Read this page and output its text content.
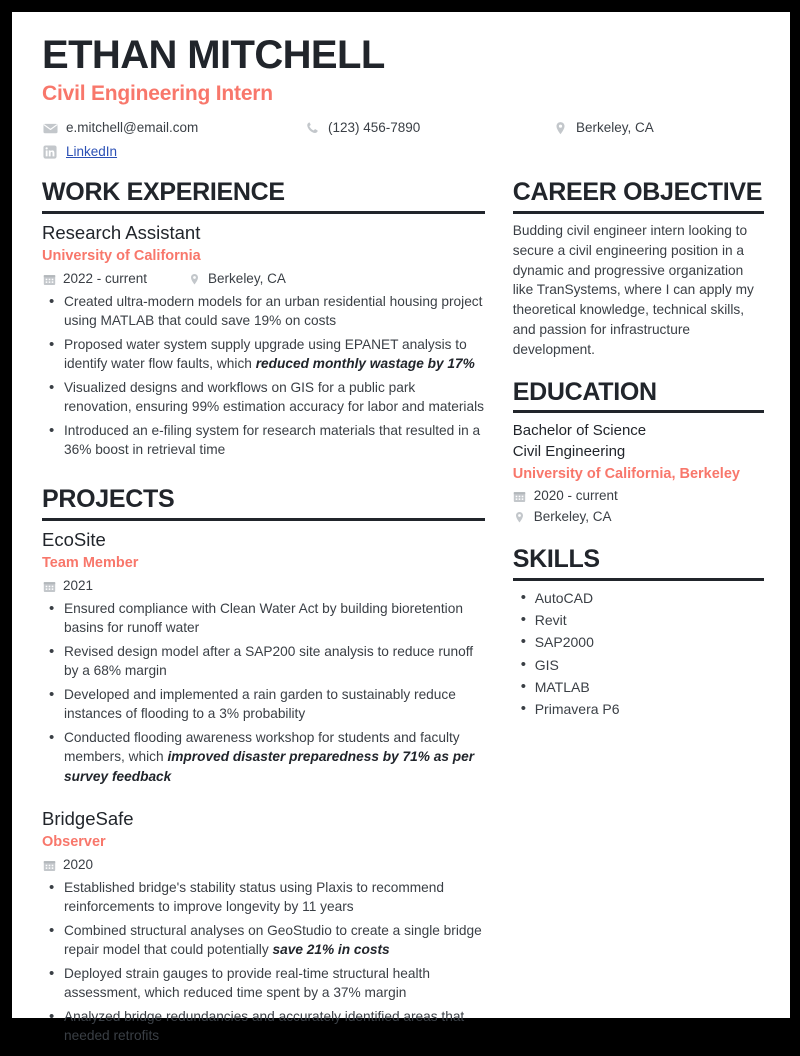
ETHAN MITCHELL
Civil Engineering Intern
e.mitchell@email.com	(123) 456-7890	Berkeley, CA
LinkedIn
WORK EXPERIENCE
Research Assistant
University of California
2022 - current	Berkeley, CA
• Created ultra-modern models for an urban residential housing project using MATLAB that could save 19% on costs
• Proposed water system supply upgrade using EPANET analysis to identify water flow faults, which reduced monthly wastage by 17%
• Visualized designs and workflows on GIS for a public park renovation, ensuring 99% estimation accuracy for labor and materials
• Introduced an e-filing system for research materials that resulted in a 36% boost in retrieval time
PROJECTS
EcoSite
Team Member
2021
• Ensured compliance with Clean Water Act by building bioretention basins for runoff water
• Revised design model after a SAP200 site analysis to reduce runoff by a 68% margin
• Developed and implemented a rain garden to sustainably reduce instances of flooding to a 3% probability
• Conducted flooding awareness workshop for students and faculty members, which improved disaster preparedness by 71% as per survey feedback
BridgeSafe
Observer
2020
• Established bridge's stability status using Plaxis to recommend reinforcements to improve longevity by 11 years
• Combined structural analyses on GeoStudio to create a single bridge repair model that could potentially save 21% in costs
• Deployed strain gauges to provide real-time structural health assessment, which reduced time spent by a 37% margin
• Analyzed bridge redundancies and accurately identified areas that needed retrofits
CAREER OBJECTIVE
Budding civil engineer intern looking to secure a civil engineering position in a dynamic and progressive organization like TranSystems, where I can apply my theoretical knowledge, technical skills, and passion for infrastructure development.
EDUCATION
Bachelor of Science
Civil Engineering
University of California, Berkeley
2020 - current
Berkeley, CA
SKILLS
• AutoCAD
• Revit
• SAP2000
• GIS
• MATLAB
• Primavera P6
